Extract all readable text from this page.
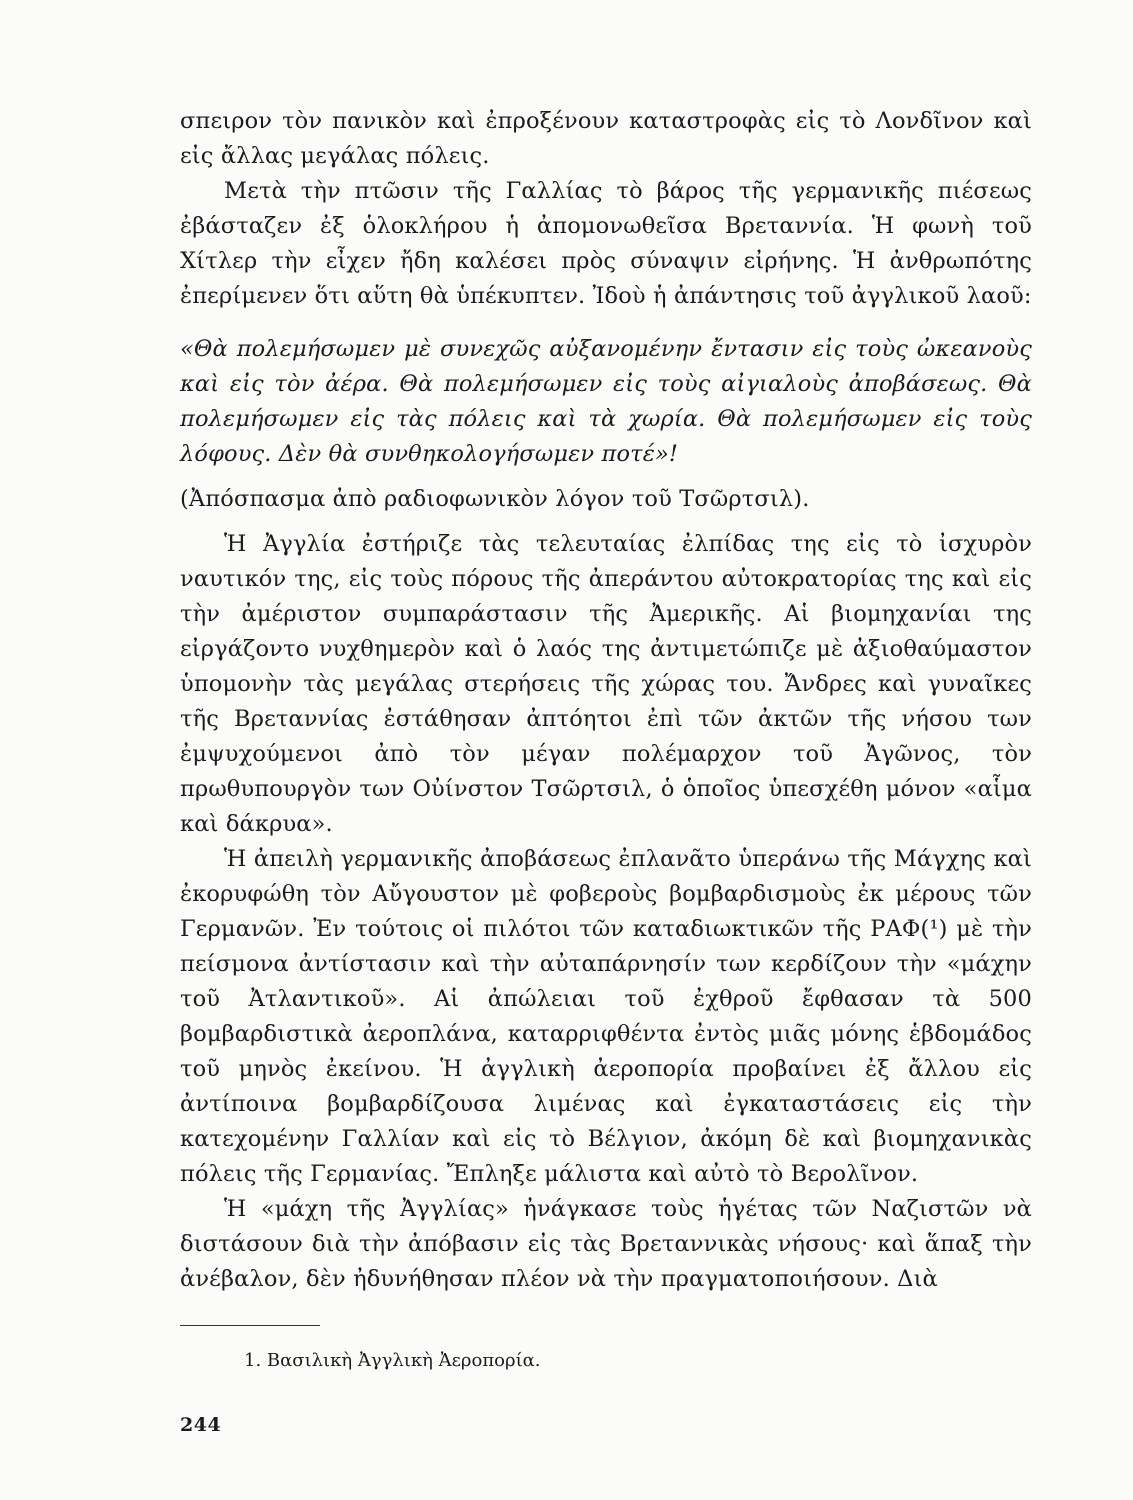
σπειρον τὸν πανικὸν καὶ ἐπροξένουν καταστροφὰς εἰς τὸ Λονδῖνον καὶ εἰς ἄλλας μεγάλας πόλεις.

Μετὰ τὴν πτῶσιν τῆς Γαλλίας τὸ βάρος τῆς γερμανικῆς πιέσεως ἐβάσταζεν ἐξ ὁλοκλήρου ἡ ἀπομονωθεῖσα Βρεταννία. Ἡ φωνὴ τοῦ Χίτλερ τὴν εἶχεν ἤδη καλέσει πρὸς σύναψιν εἰρήνης. Ἡ ἀνθρωπότης ἐπερίμενεν ὅτι αὕτη θὰ ὑπέκυπτεν. Ἰδοὺ ἡ ἀπάντησις τοῦ ἀγγλικοῦ λαοῦ:

«Θὰ πολεμήσωμεν μὲ συνεχῶς αὐξανομένην ἔντασιν εἰς τοὺς ὠκεανοὺς καὶ εἰς τὸν ἀέρα. Θὰ πολεμήσωμεν εἰς τοὺς αἰγιαλοὺς ἀποβάσεως. Θὰ πολεμήσωμεν εἰς τὰς πόλεις καὶ τὰ χωρία. Θὰ πολεμήσωμεν εἰς τοὺς λόφους. Δὲν θὰ συνθηκολογήσωμεν ποτέ»!

(Ἀπόσπασμα ἀπὸ ραδιοφωνικὸν λόγον τοῦ Τσῶρτσιλ).

Ἡ Ἀγγλία ἐστήριζε τὰς τελευταίας ἐλπίδας της εἰς τὸ ἰσχυρὸν ναυτικόν της, εἰς τοὺς πόρους τῆς ἀπεράντου αὐτοκρατορίας της καὶ εἰς τὴν ἀμέριστον συμπαράστασιν τῆς Ἀμερικῆς. Αἱ βιομηχανίαι της εἰργάζοντο νυχθημερὸν καὶ ὁ λαός της ἀντιμετώπιζε μὲ ἀξιοθαύμαστον ὑπομονὴν τὰς μεγάλας στερήσεις τῆς χώρας του. Ἄνδρες καὶ γυναῖκες τῆς Βρεταννίας ἐστάθησαν ἀπτόητοι ἐπὶ τῶν ἀκτῶν τῆς νήσου των ἐμψυχούμενοι ἀπὸ τὸν μέγαν πολέμαρχον τοῦ Ἀγῶνος, τὸν πρωθυπουργὸν των Οὐίνστον Τσῶρτσιλ, ὁ ὁποῖος ὑπεσχέθη μόνον «αἷμα καὶ δάκρυα».

Ἡ ἀπειλὴ γερμανικῆς ἀποβάσεως ἐπλανᾶτο ὑπεράνω τῆς Μάγχης καὶ ἐκορυφώθη τὸν Αὔγουστον μὲ φοβεροὺς βομβαρδισμοὺς ἐκ μέρους τῶν Γερμανῶν. Ἐν τούτοις οἱ πιλότοι τῶν καταδιωκτικῶν τῆς ΡΑΦ(¹) μὲ τὴν πείσμονα ἀντίστασιν καὶ τὴν αὐταπάρνησίν των κερδίζουν τὴν «μάχην τοῦ Ἀτλαντικοῦ». Αἱ ἀπώλειαι τοῦ ἐχθροῦ ἔφθασαν τὰ 500 βομβαρδιστικὰ ἀεροπλάνα, καταρριφθέντα ἐντὸς μιᾶς μόνης ἑβδομάδος τοῦ μηνὸς ἐκείνου. Ἡ ἀγγλικὴ ἀεροπορία προβαίνει ἐξ ἄλλου εἰς ἀντίποινα βομβαρδίζουσα λιμένας καὶ ἐγκαταστάσεις εἰς τὴν κατεχομένην Γαλλίαν καὶ εἰς τὸ Βέλγιον, ἀκόμη δὲ καὶ βιομηχανικὰς πόλεις τῆς Γερμανίας. Ἔπληξε μάλιστα καὶ αὐτὸ τὸ Βερολῖνον.

Ἡ «μάχη τῆς Ἀγγλίας» ἠνάγκασε τοὺς ἡγέτας τῶν Ναζιστῶν νὰ διστάσουν διὰ τὴν ἀπόβασιν εἰς τὰς Βρεταννικὰς νήσους· καὶ ἅπαξ τὴν ἀνέβαλον, δὲν ἠδυνήθησαν πλέον νὰ τὴν πραγματοποιήσουν. Διὰ

1. Βασιλικὴ Ἀγγλικὴ Ἀεροπορία.
244
